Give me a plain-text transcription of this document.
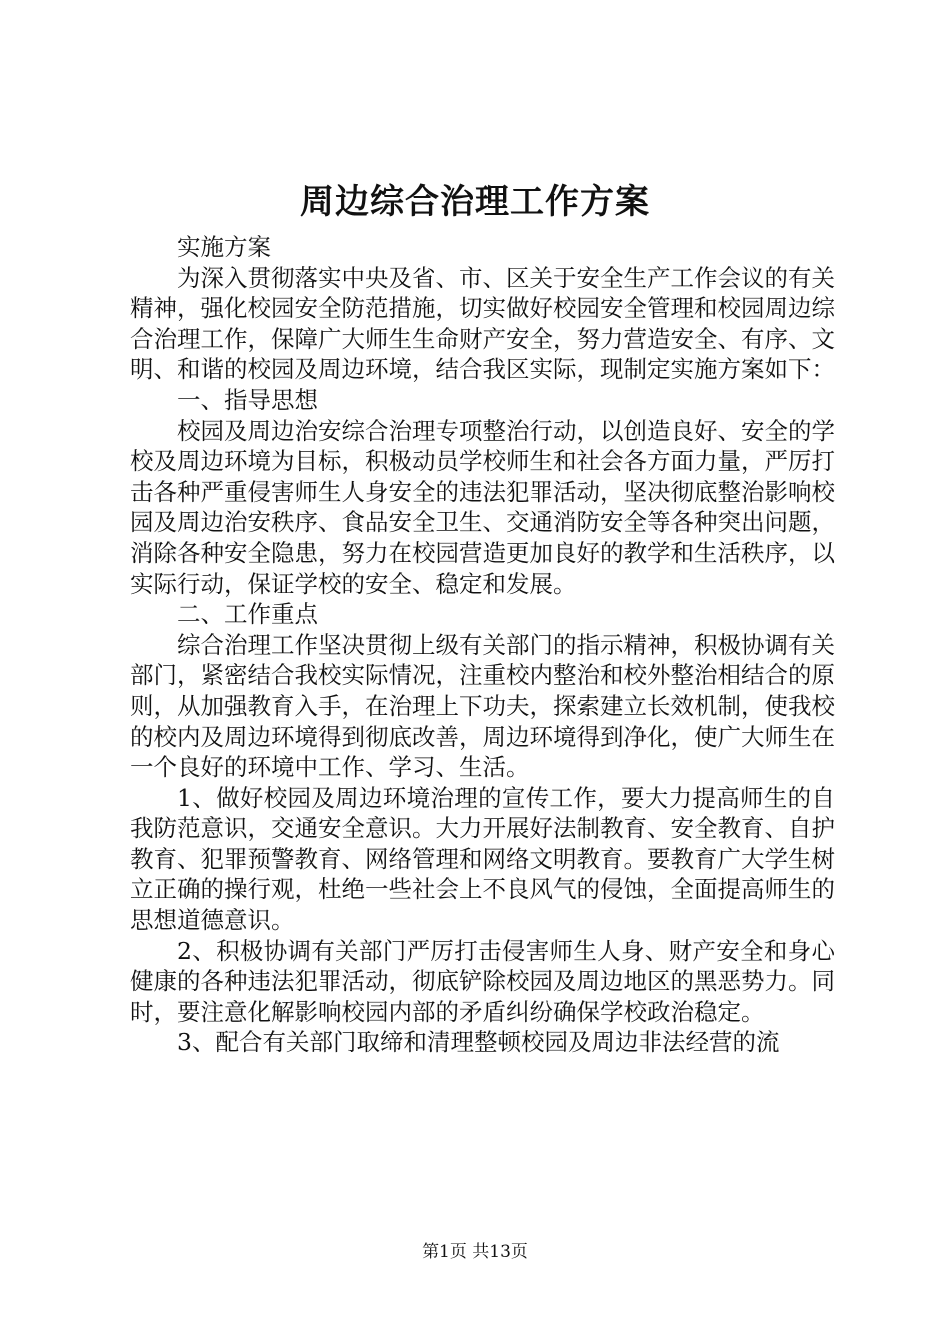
周边综合治理工作方案

实施方案

为深入贯彻落实中央及省、市、区关于安全生产工作会议的有关精神，强化校园安全防范措施，切实做好校园安全管理和校园周边综合治理工作，保障广大师生生命财产安全，努力营造安全、有序、文明、和谐的校园及周边环境，结合我区实际，现制定实施方案如下：

一、指导思想

校园及周边治安综合治理专项整治行动，以创造良好、安全的学校及周边环境为目标，积极动员学校师生和社会各方面力量，严厉打击各种严重侵害师生人身安全的违法犯罪活动，坚决彻底整治影响校园及周边治安秩序、食品安全卫生、交通消防安全等各种突出问题，消除各种安全隐患，努力在校园营造更加良好的教学和生活秩序，以实际行动，保证学校的安全、稳定和发展。

二、工作重点

综合治理工作坚决贯彻上级有关部门的指示精神，积极协调有关部门，紧密结合我校实际情况，注重校内整治和校外整治相结合的原则，从加强教育入手，在治理上下功夫，探索建立长效机制，使我校的校内及周边环境得到彻底改善，周边环境得到净化，使广大师生在一个良好的环境中工作、学习、生活。

1、做好校园及周边环境治理的宣传工作，要大力提高师生的自我防范意识，交通安全意识。大力开展好法制教育、安全教育、自护教育、犯罪预警教育、网络管理和网络文明教育。要教育广大学生树立正确的操行观，杜绝一些社会上不良风气的侵蚀，全面提高师生的思想道德意识。

2、积极协调有关部门严厉打击侵害师生人身、财产安全和身心健康的各种违法犯罪活动，彻底铲除校园及周边地区的黑恶势力。同时，要注意化解影响校园内部的矛盾纠纷确保学校政治稳定。

3、配合有关部门取缔和清理整顿校园及周边非法经营的流

第1页 共13页
